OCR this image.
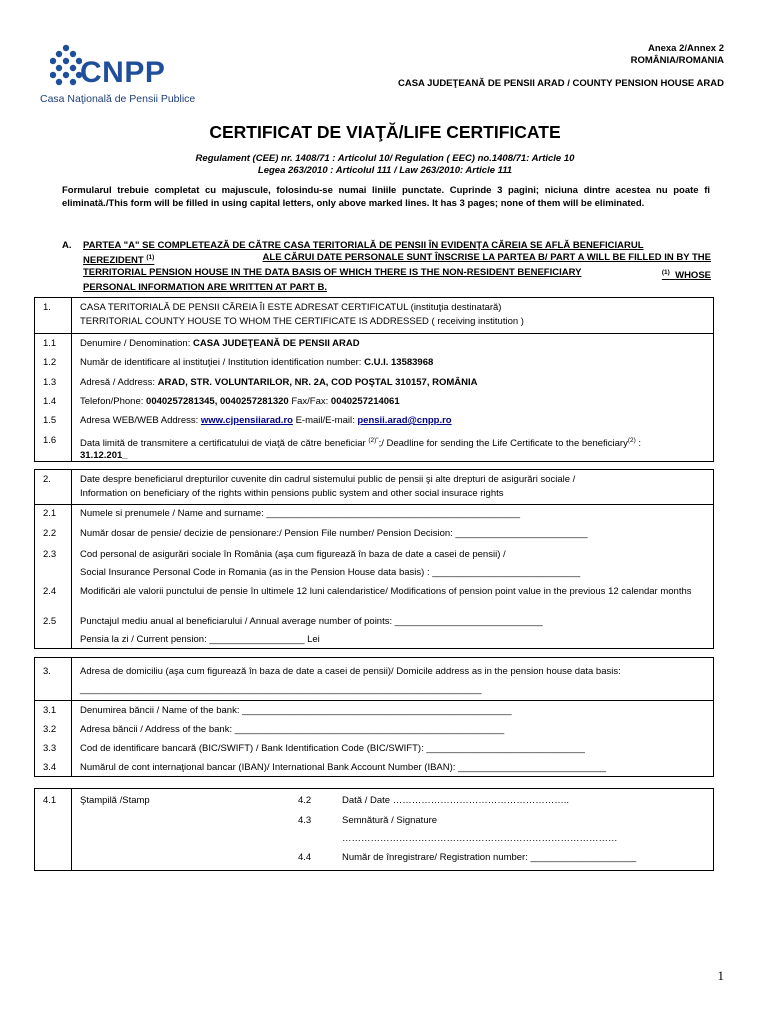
CNPP
Casa Naţională de Pensii Publice
Anexa 2/Annex 2
ROMÂNIA/ROMANIA
CASA JUDEŢEANĂ DE PENSII ARAD / COUNTY PENSION HOUSE ARAD
CERTIFICAT DE VIAŢĂ/LIFE CERTIFICATE
Regulament (CEE) nr. 1408/71 : Articolul 10/ Regulation ( EEC) no.1408/71: Article 10
Legea 263/2010 : Articolul 111 / Law 263/2010: Article 111
Formularul trebuie completat cu majuscule, folosindu-se numai liniile punctate. Cuprinde 3 pagini; niciuna dintre acestea nu poate fi eliminată./This form will be filled in using capital letters, only above marked lines. It has 3 pages; none of them will be eliminated.
A. PARTEA "A" SE COMPLETEAZĂ DE CĂTRE CASA TERITORIALĂ DE PENSII ÎN EVIDENŢA CĂREIA SE AFLĂ BENEFICIARUL
NEREZIDENT $^{(1)}$	ALE CĂRUI DATE PERSONALE SUNT ÎNSCRISE LA PARTEA B/ PART A WILL BE FILLED IN BY THE
TERRITORIAL PENSION HOUSE IN THE DATA BASIS OF WHICH THERE IS THE NON-RESIDENT BENEFICIARY	$^{(1)}$ WHOSE
PERSONAL INFORMATION ARE WRITTEN AT PART B.
1.	CASA TERITORIALĂ DE PENSII CĂREIA ÎI ESTE ADRESAT CERTIFICATUL (instituţia destinatară)
TERRITORIAL COUNTY HOUSE TO WHOM THE CERTIFICATE IS ADDRESSED ( receiving institution )
1.1	Denumire / Denomination: CASA JUDEŢEANĂ DE PENSII ARAD
1.2	Număr de identificare al instituţiei / Institution identification number: C.U.I. 13583968
1.3	Adresă / Address: ARAD, STR. VOLUNTARILOR, NR. 2A, COD POŞTAL 310157, ROMÂNIA
1.4	Telefon/Phone: 0040257281345, 0040257281320 Fax/Fax: 0040257214061
1.5	Adresa WEB/WEB Address: www.cjpensiiarad.ro E-mail/E-mail: pensii.arad@cnpp.ro
1.6	Data limită de transmitere a certificatului de viaţă de către beneficiar $^{(2)"}$;/ Deadline for sending the Life Certificate to the beneficiary$^{(2)}$ :
31.12.201_
2.	Date despre beneficiarul drepturilor cuvenite din cadrul sistemului public de pensii şi alte drepturi de asigurări sociale /
Information on beneficiary of the rights within pensions public system and other social insurace rights
2.1	Numele si prenumele / Name and surname: ________________________________________________
2.2	Număr dosar de pensie/ decizie de pensionare:/ Pension File number/ Pension Decision: _________________________
2.3	Cod personal de asigurări sociale în România (aşa cum figurează în baza de date a casei de pensii) /
Social Insurance Personal Code in Romania (as in the Pension House data basis) : ____________________________
2.4	Modificări ale valorii punctului de pensie în ultimele 12 luni calendaristice/ Modifications of pension point value in the previous 12 calendar months
2.5	Punctajul mediu anual al beneficiarului / Annual average number of points: ____________________________
Pensia la zi / Current pension: __________________ Lei
3.	Adresa de domiciliu (aşa cum figurează în baza de date a casei de pensii)/ Domicile address as in the pension house data basis:
____________________________________________________________________________
3.1	Denumirea băncii / Name of the bank: ___________________________________________________
3.2	Adresa băncii / Address of the bank: ___________________________________________________
3.3	Cod de identificare bancară (BIC/SWIFT) / Bank Identification Code (BIC/SWIFT): ______________________________
3.4	Numărul de cont internaţional bancar (IBAN)/ International Bank Account Number (IBAN): ____________________________
4.1	Ştampilă /Stamp	4.2	Dată / Date ………………………………………………..
4.3	Semnătură / Signature
……………………………………………………………………………
4.4	Număr de înregistrare/ Registration number: ____________________
1
